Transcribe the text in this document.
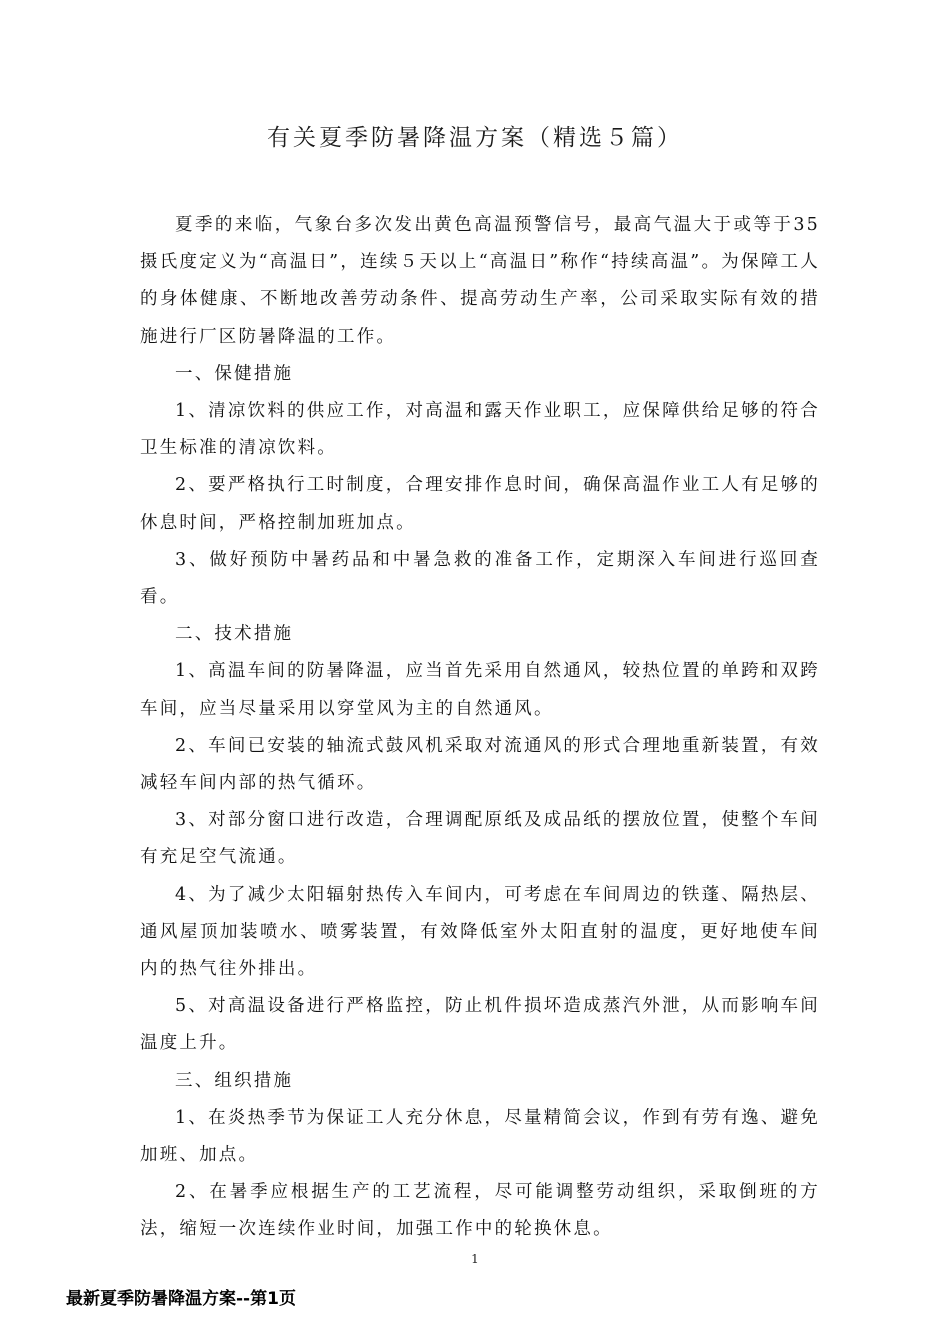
有关夏季防暑降温方案（精选５篇）

夏季的来临，气象台多次发出黄色高温预警信号，最高气温大于或等于35摄氏度定义为“高温日”，连续５天以上“高温日”称作“持续高温”。为保障工人的身体健康、不断地改善劳动条件、提高劳动生产率，公司采取实际有效的措施进行厂区防暑降温的工作。

一、保健措施

1、清凉饮料的供应工作，对高温和露天作业职工，应保障供给足够的符合卫生标准的清凉饮料。

2、要严格执行工时制度，合理安排作息时间，确保高温作业工人有足够的休息时间，严格控制加班加点。

3、做好预防中暑药品和中暑急救的准备工作，定期深入车间进行巡回查看。

二、技术措施

1、高温车间的防暑降温，应当首先采用自然通风，较热位置的单跨和双跨车间，应当尽量采用以穿堂风为主的自然通风。

2、车间已安装的轴流式鼓风机采取对流通风的形式合理地重新装置，有效减轻车间内部的热气循环。

3、对部分窗口进行改造，合理调配原纸及成品纸的摆放位置，使整个车间有充足空气流通。

4、为了减少太阳辐射热传入车间内，可考虑在车间周边的铁蓬、隔热层、通风屋顶加装喷水、喷雾装置，有效降低室外太阳直射的温度，更好地使车间内的热气往外排出。

5、对高温设备进行严格监控，防止机件损坏造成蒸汽外泄，从而影响车间温度上升。

三、组织措施

1、在炎热季节为保证工人充分休息，尽量精简会议，作到有劳有逸、避免加班、加点。

2、在暑季应根据生产的工艺流程，尽可能调整劳动组织，采取倒班的方法，缩短一次连续作业时间，加强工作中的轮换休息。

1
最新夏季防暑降温方案--第1页
